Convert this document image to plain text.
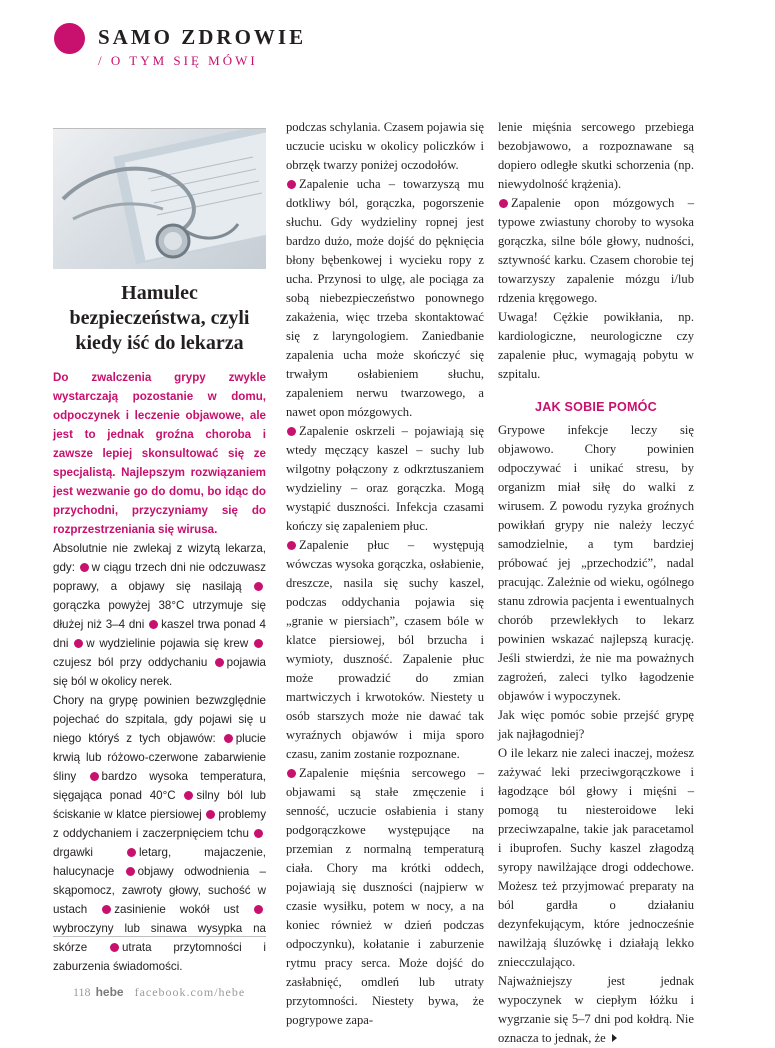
SAMO ZDROWIE
/ O TYM SIĘ MÓWI
Hamulec bezpieczeństwa, czyli kiedy iść do lekarza

Do zwalczenia grypy zwykle wystarczają pozostanie w domu, odpoczynek i leczenie objawowe, ale jest to jednak groźna choroba i zawsze lepiej skonsultować się ze specjalistą. Najlepszym rozwiązaniem jest wezwanie go do domu, bo idąc do przychodni, przyczyniamy się do rozprzestrzeniania się wirusa.

Absolutnie nie zwlekaj z wizytą lekarza, gdy: w ciągu trzech dni nie odczuwasz poprawy, a objawy się nasilają gorączka powyżej 38°C utrzymuje się dłużej niż 3–4 dni kaszel trwa ponad 4 dni w wydzielinie pojawia się krew czujesz ból przy oddychaniu pojawia się ból w okolicy nerek.

Chory na grypę powinien bezwzględnie pojechać do szpitala, gdy pojawi się u niego któryś z tych objawów: plucie krwią lub różowo-czerwone zabarwienie śliny bardzo wysoka temperatura, sięgająca ponad 40°C silny ból lub ściskanie w klatce piersiowej problemy z oddychaniem i zaczerpnięciem tchu drgawki	letarg, majaczenie, halucynacje objawy odwodnienia – skąpomocz, zawroty głowy, suchość w ustach zasinienie wokół ust wybroczyny lub sinawa wysypka na skórze	utrata przytomności i zaburzenia świadomości.

podczas schylania. Czasem pojawia się uczucie ucisku w okolicy policzków i obrzęk twarzy poniżej oczodołów.

Zapalenie ucha – towarzyszą mu dotkliwy ból, gorączka, pogorszenie słuchu. Gdy wydzieliny ropnej jest bardzo dużo, może dojść do pęknięcia błony bębenkowej i wycieku ropy z ucha. Przynosi to ulgę, ale pociąga za sobą niebezpieczeństwo ponownego zakażenia, więc trzeba skontaktować się z laryngologiem. Zaniedbanie zapalenia ucha może skończyć się trwałym osłabieniem słuchu, zapaleniem nerwu twarzowego, a nawet opon mózgowych.

Zapalenie oskrzeli – pojawiają się wtedy męczący kaszel – suchy lub wilgotny połączony z odkrztuszaniem wydzieliny – oraz gorączka. Mogą wystąpić duszności. Infekcja czasami kończy się zapaleniem płuc.

Zapalenie płuc – występują wówczas wysoka gorączka, osłabienie, dreszcze, nasila się suchy kaszel, podczas oddychania pojawia się „granie w piersiach”, czasem bóle w klatce piersiowej, ból brzucha i wymioty, duszność. Zapalenie płuc może prowadzić do zmian martwiczych i krwotoków. Niestety u osób starszych może nie dawać tak wyraźnych objawów i mija sporo czasu, zanim zostanie rozpoznane.

Zapalenie mięśnia sercowego – objawami są stałe zmęczenie i senność, uczucie osłabienia i stany podgorączkowe występujące na przemian z normalną temperaturą ciała. Chory ma krótki oddech, pojawiają się duszności (najpierw w czasie wysiłku, potem w nocy, a na koniec również w dzień podczas odpoczynku), kołatanie i zaburzenie rytmu pracy serca. Może dojść do zasłabnięć, omdleń lub utraty przytomności. Niestety bywa, że pogrypowe zapa-

lenie mięśnia sercowego przebiega bezobjawowo, a rozpoznawane są dopiero odległe skutki schorzenia (np. niewydolność krążenia).

Zapalenie opon mózgowych – typowe zwiastuny choroby to wysoka gorączka, silne bóle głowy, nudności, sztywność karku. Czasem chorobie tej towarzyszy zapalenie mózgu i/lub rdzenia kręgowego.

Uwaga! Cężkie powikłania, np. kardiologiczne, neurologiczne czy zapalenie płuc, wymagają pobytu w szpitalu.

JAK SOBIE POMÓC

Grypowe infekcje leczy się objawowo. Chory powinien odpoczywać i unikać stresu, by organizm miał siłę do walki z wirusem. Z powodu ryzyka groźnych powikłań grypy nie należy leczyć samodzielnie, a tym bardziej próbować jej „przechodzić”, nadal pracując. Zależnie od wieku, ogólnego stanu zdrowia pacjenta i ewentualnych chorób przewlekłych to lekarz powinien wskazać najlepszą kurację. Jeśli stwierdzi, że nie ma poważnych zagrożeń, zaleci tylko łagodzenie objawów i wypoczynek.

Jak więc pomóc sobie przejść grypę jak najłagodniej?

O ile lekarz nie zaleci inaczej, możesz zażywać leki przeciwgorączkowe i łagodzące ból głowy i mięśni – pomogą tu niesteroidowe leki przeciwzapalne, takie jak paracetamol i ibuprofen. Suchy kaszel złagodzą syropy nawilżające drogi oddechowe. Możesz też przyjmować preparaty na ból gardła o działaniu dezynfekującym, które jednocześnie nawilżają śluzówkę i działają lekko zniecczulająco.

Najważniejszy jest jednak wypoczynek w ciepłym łóżku i wygrzanie się 5–7 dni pod kołdrą. Nie oznacza to jednak, że

118 hebe facebook.com/hebe
